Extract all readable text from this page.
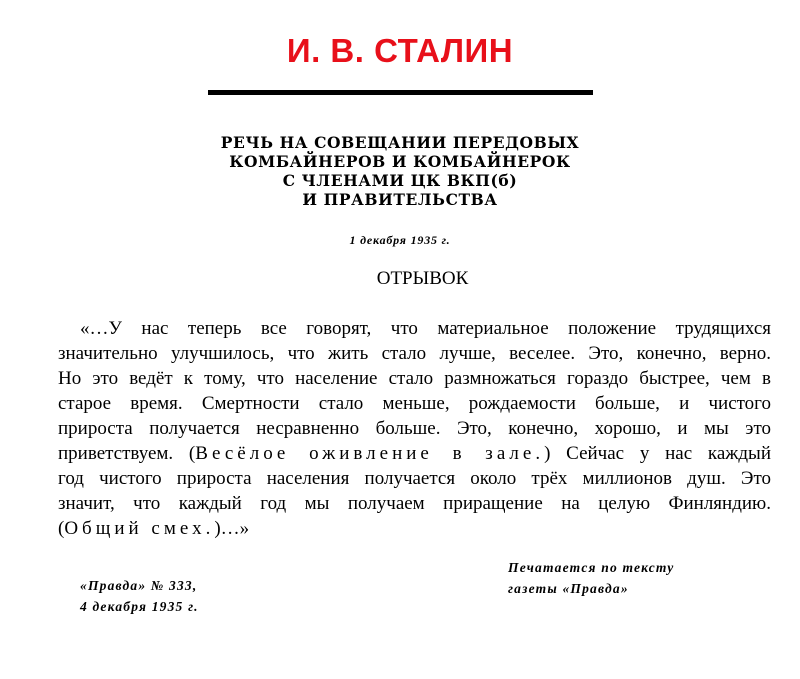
И. В. СТАЛИН
РЕЧЬ НА СОВЕЩАНИИ ПЕРЕДОВЫХ
КОМБАЙНЕРОВ И КОМБАЙНЕРОК
С ЧЛЕНАМИ ЦК ВКП(б)
И ПРАВИТЕЛЬСТВА
1 декабря 1935 г.
ОТРЫВОК
«…У нас теперь все говорят, что материальное положение трудящихся
значительно улучшилось, что жить стало лучше, веселее. Это, конечно, верно.
Но это ведёт к тому, что население стало размножаться гораздо быстрее, чем в
старое время. Смертности стало меньше, рождаемости больше, и чистого
прироста получается несравненно больше. Это, конечно, хорошо, и мы это
приветствуем. (Весёлое оживление в зале.) Сейчас у нас каждый
год чистого прироста населения получается около трёх миллионов душ. Это
значит, что каждый год мы получаем приращение на целую Финляндию.
(Общий смех.)…»
«Правда» № 333,
4 декабря 1935 г.
Печатается по тексту
газеты «Правда»
